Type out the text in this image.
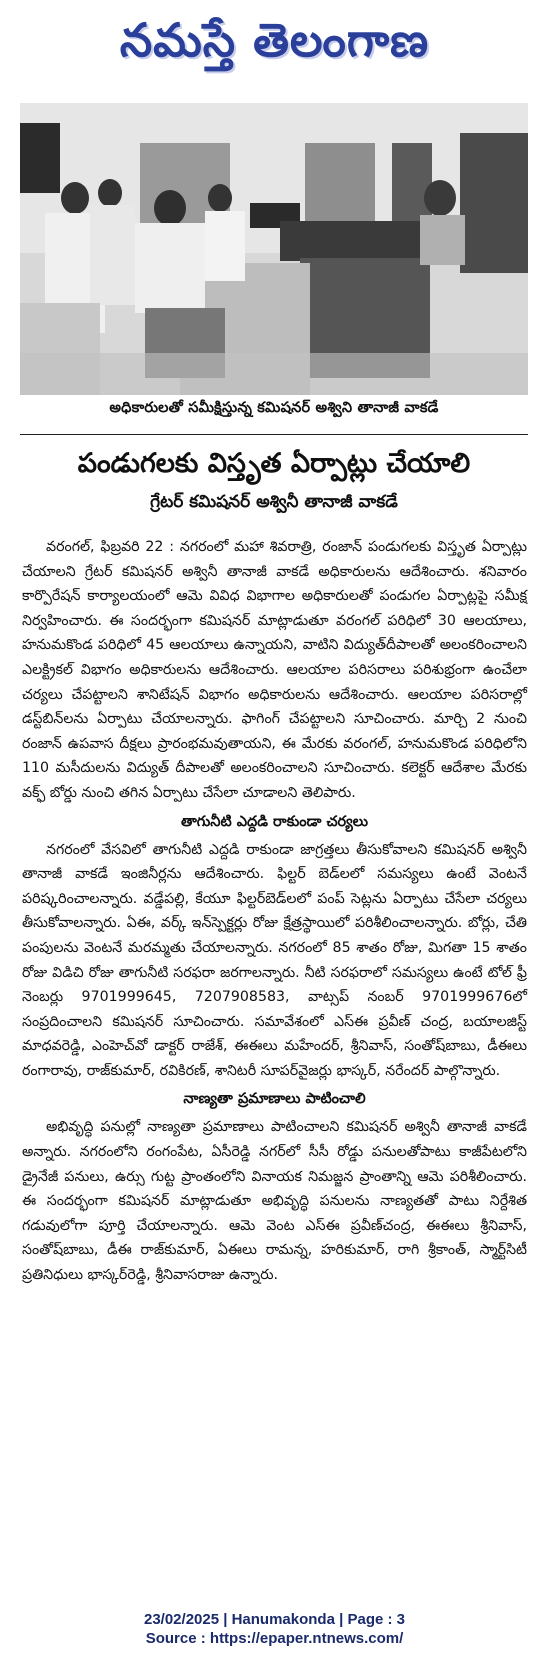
నమస్తే తెలంగాణ
అధికారులతో సమీక్షిస్తున్న కమిషనర్ అశ్విని తానాజీ వాకడే
పండుగలకు విస్తృత ఏర్పాట్లు చేయాలి
గ్రేటర్ కమిషనర్ అశ్వినీ తానాజీ వాకడే

వరంగల్, ఫిబ్రవరి 22 : నగరంలో మహా శివరాత్రి, రంజాన్ పండుగలకు విస్తృత ఏర్పాట్లు చేయాలని గ్రేటర్ కమిషనర్ అశ్వినీ తానాజీ వాకడే అధికారులను ఆదేశించారు. శనివారం కార్పొరేషన్ కార్యాలయంలో ఆమె వివిధ విభాగాల అధికారులతో పండుగల ఏర్పాట్లపై సమీక్ష నిర్వహించారు. ఈ సందర్భంగా కమిషనర్ మాట్లాడుతూ వరంగల్ పరిధిలో 30 ఆలయాలు, హనుమకొండ పరిధిలో 45 ఆలయాలు ఉన్నాయని, వాటిని విద్యుత్‌దీపాలతో అలంకరించాలని ఎలక్ట్రికల్ విభాగం అధికారులను ఆదేశించారు. ఆలయాల పరిసరాలు పరిశుభ్రంగా ఉంచేలా చర్యలు చేపట్టాలని శానిటేషన్ విభాగం అధికారులను ఆదేశించారు. ఆలయాల పరిసరాల్లో డస్ట్‌బిన్‌లను ఏర్పాటు చేయాలన్నారు. ఫాగింగ్ చేపట్టాలని సూచించారు. మార్చి 2 నుంచి రంజాన్ ఉపవాస దీక్షలు ప్రారంభమవుతాయని, ఈ మేరకు వరంగల్, హనుమకొండ పరిధిలోని 110 మసీదులను విద్యుత్ దీపాలతో అలంకరించాలని సూచించారు. కలెక్టర్ ఆదేశాల మేరకు వక్ఫ్ బోర్డు నుంచి తగిన ఏర్పాటు చేసేలా చూడాలని తెలిపారు.

తాగునీటి ఎద్దడి రాకుండా చర్యలు

నగరంలో వేసవిలో తాగునీటి ఎద్దడి రాకుండా జాగ్రత్తలు తీసుకోవాలని కమిషనర్ అశ్వినీ తానాజీ వాకడే ఇంజినీర్లను ఆదేశించారు. ఫిల్టర్ బెడ్‌లలో సమస్యలు ఉంటే వెంటనే పరిష్కరించాలన్నారు. వడ్డేపల్లి, కేయూ ఫిల్టర్‌బెడ్‌లలో పంప్ సెట్లను ఏర్పాటు చేసేలా చర్యలు తీసుకోవాలన్నారు. ఏఈ, వర్క్ ఇన్‌స్పెక్టర్లు రోజు క్షేత్రస్థాయిలో పరిశీలించాలన్నారు. బోర్లు, చేతి పంపులను వెంటనే మరమ్మతు చేయాలన్నారు. నగరంలో 85 శాతం రోజు, మిగతా 15 శాతం రోజు విడిచి రోజు తాగునీటి సరఫరా జరగాలన్నారు. నీటి సరఫరాలో సమస్యలు ఉంటే టోల్ ఫ్రీ నెంబర్లు 9701999645, 7207908583, వాట్సప్ నంబర్ 9701999676లో సంప్రదించాలని కమిషనర్ సూచించారు. సమావేశంలో ఎస్‌ఈ ప్రవీణ్ చంద్ర, బయాలజిస్ట్ మాధవరెడ్డి, ఎంహెచ్‌వో డాక్టర్ రాజేశ్, ఈఈలు మహేందర్, శ్రీనివాస్, సంతోష్‌బాబు, డీఈలు రంగారావు, రాజ్‌కుమార్, రవికిరణ్, శానిటరీ సూపర్‌వైజర్లు భాస్కర్, నరేందర్ పాల్గొన్నారు.

నాణ్యతా ప్రమాణాలు పాటించాలి

అభివృద్ధి పనుల్లో నాణ్యతా ప్రమాణాలు పాటించాలని కమిషనర్ అశ్వినీ తానాజీ వాకడే అన్నారు. నగరంలోని రంగంపేట, ఏసీరెడ్డి నగర్‌లో సీసీ రోడ్డు పనులతోపాటు కాజీపేటలోని డ్రైనేజీ పనులు, ఉర్సు గుట్ట ప్రాంతంలోని వినాయక నిమజ్జన ప్రాంతాన్ని ఆమె పరిశీలించారు. ఈ సందర్భంగా కమిషనర్ మాట్లాడుతూ అభివృద్ధి పనులను నాణ్యతతో పాటు నిర్దేశిత గడువులోగా పూర్తి చేయాలన్నారు. ఆమె వెంట ఎస్‌ఈ ప్రవీణ్‌చంద్ర, ఈఈలు శ్రీనివాస్, సంతోష్‌బాబు, డీఈ రాజ్‌కుమార్, ఏఈలు రామన్న, హరికుమార్, రాగి శ్రీకాంత్, స్మార్ట్‌సిటీ ప్రతినిధులు భాస్కర్‌రెడ్డి, శ్రీనివాసరాజు ఉన్నారు.

23/02/2025 | Hanumakonda | Page : 3
Source : https://epaper.ntnews.com/
